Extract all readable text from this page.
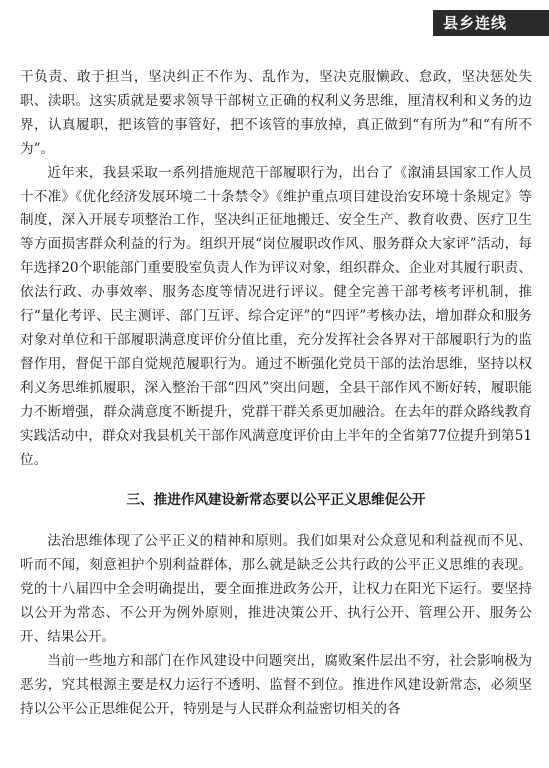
县乡连线

干负责、敢于担当，坚决纠正不作为、乱作为，坚决克服懒政、怠政，坚决惩处失职、渎职。这实质就是要求领导干部树立正确的权利义务思维，厘清权利和义务的边界，认真履职，把该管的事管好，把不该管的事放掉，真正做到“有所为”和“有所不为”。

近年来，我县采取一系列措施规范干部履职行为，出台了《溆浦县国家工作人员十不准》《优化经济发展环境二十条禁令》《维护重点项目建设治安环境十条规定》等制度，深入开展专项整治工作，坚决纠正征地搬迁、安全生产、教育收费、医疗卫生等方面损害群众利益的行为。组织开展“岗位履职改作风、服务群众大家评”活动，每年选择20个职能部门重要股室负责人作为评议对象，组织群众、企业对其履行职责、依法行政、办事效率、服务态度等情况进行评议。健全完善干部考核考评机制，推行“量化考评、民主测评、部门互评、综合定评”的“四评”考核办法，增加群众和服务对象对单位和干部履职满意度评价分值比重，充分发挥社会各界对干部履职行为的监督作用，督促干部自觉规范履职行为。通过不断强化党员干部的法治思维，坚持以权利义务思维抓履职，深入整治干部“四风”突出问题，全县干部作风不断好转，履职能力不断增强，群众满意度不断提升，党群干群关系更加融洽。在去年的群众路线教育实践活动中，群众对我县机关干部作风满意度评价由上半年的全省第77位提升到第51位。

三、推进作风建设新常态要以公平正义思维促公开

法治思维体现了公平正义的精神和原则。我们如果对公众意见和利益视而不见、听而不闻，刻意袒护个别利益群体，那么就是缺乏公共行政的公平正义思维的表现。党的十八届四中全会明确提出，要全面推进政务公开，让权力在阳光下运行。要坚持以公开为常态、不公开为例外原则，推进决策公开、执行公开、管理公开、服务公开、结果公开。

当前一些地方和部门在作风建设中问题突出，腐败案件层出不穷，社会影响极为恶劣，究其根源主要是权力运行不透明、监督不到位。推进作风建设新常态，必须坚持以公平公正思维促公开，特别是与人民群众利益密切相关的各
